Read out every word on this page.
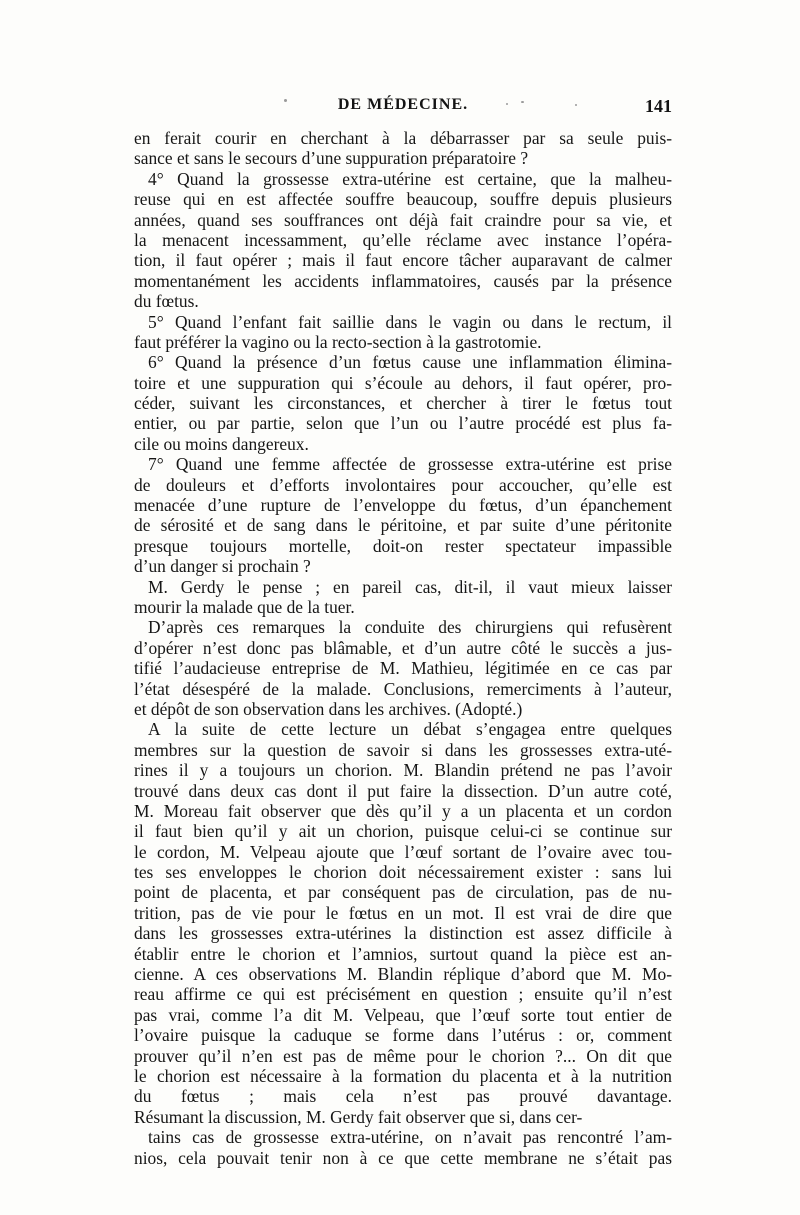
DE MÉDECINE.	141
en ferait courir en cherchant à la débarrasser par sa seule puis-
sance et sans le secours d’une suppuration préparatoire ?
4° Quand la grossesse extra-utérine est certaine, que la malheu-
reuse qui en est affectée souffre beaucoup, souffre depuis plusieurs
années, quand ses souffrances ont déjà fait craindre pour sa vie, et
la menacent incessamment, qu’elle réclame avec instance l’opéra-
tion, il faut opérer ; mais il faut encore tâcher auparavant de calmer
momentanément les accidents inflammatoires, causés par la présence
du fœtus.
5° Quand l’enfant fait saillie dans le vagin ou dans le rectum, il
faut préférer la vagino ou la recto-section à la gastrotomie.
6° Quand la présence d’un fœtus cause une inflammation élimina-
toire et une suppuration qui s’écoule au dehors, il faut opérer, pro-
céder, suivant les circonstances, et chercher à tirer le fœtus tout
entier, ou par partie, selon que l’un ou l’autre procédé est plus fa-
cile ou moins dangereux.
7° Quand une femme affectée de grossesse extra-utérine est prise
de douleurs et d’efforts involontaires pour accoucher, qu’elle est
menacée d’une rupture de l’enveloppe du fœtus, d’un épanchement
de sérosité et de sang dans le péritoine, et par suite d’une péritonite
presque toujours mortelle, doit-on rester spectateur impassible
d’un danger si prochain ?
M. Gerdy le pense ; en pareil cas, dit-il, il vaut mieux laisser
mourir la malade que de la tuer.
D’après ces remarques la conduite des chirurgiens qui refusèrent
d’opérer n’est donc pas blâmable, et d’un autre côté le succès a jus-
tifié l’audacieuse entreprise de M. Mathieu, légitimée en ce cas par
l’état désespéré de la malade. Conclusions, remerciments à l’auteur,
et dépôt de son observation dans les archives. (Adopté.)
A la suite de cette lecture un débat s’engagea entre quelques
membres sur la question de savoir si dans les grossesses extra-uté-
rines il y a toujours un chorion. M. Blandin prétend ne pas l’avoir
trouvé dans deux cas dont il put faire la dissection. D’un autre coté,
M. Moreau fait observer que dès qu’il y a un placenta et un cordon
il faut bien qu’il y ait un chorion, puisque celui-ci se continue sur
le cordon, M. Velpeau ajoute que l’œuf sortant de l’ovaire avec tou-
tes ses enveloppes le chorion doit nécessairement exister : sans lui
point de placenta, et par conséquent pas de circulation, pas de nu-
trition, pas de vie pour le fœtus en un mot. Il est vrai de dire que
dans les grossesses extra-utérines la distinction est assez difficile à
établir entre le chorion et l’amnios, surtout quand la pièce est an-
cienne. A ces observations M. Blandin réplique d’abord que M. Mo-
reau affirme ce qui est précisément en question ; ensuite qu’il n’est
pas vrai, comme l’a dit M. Velpeau, que l’œuf sorte tout entier de
l’ovaire puisque la caduque se forme dans l’utérus : or, comment
prouver qu’il n’en est pas de même pour le chorion ?... On dit que
le chorion est nécessaire à la formation du placenta et à la nutrition
du fœtus ; mais cela n’est pas prouvé davantage.
Résumant la discussion, M. Gerdy fait observer que si, dans cer-
tains cas de grossesse extra-utérine, on n’avait pas rencontré l’am-
nios, cela pouvait tenir non à ce que cette membrane ne s’était pas
